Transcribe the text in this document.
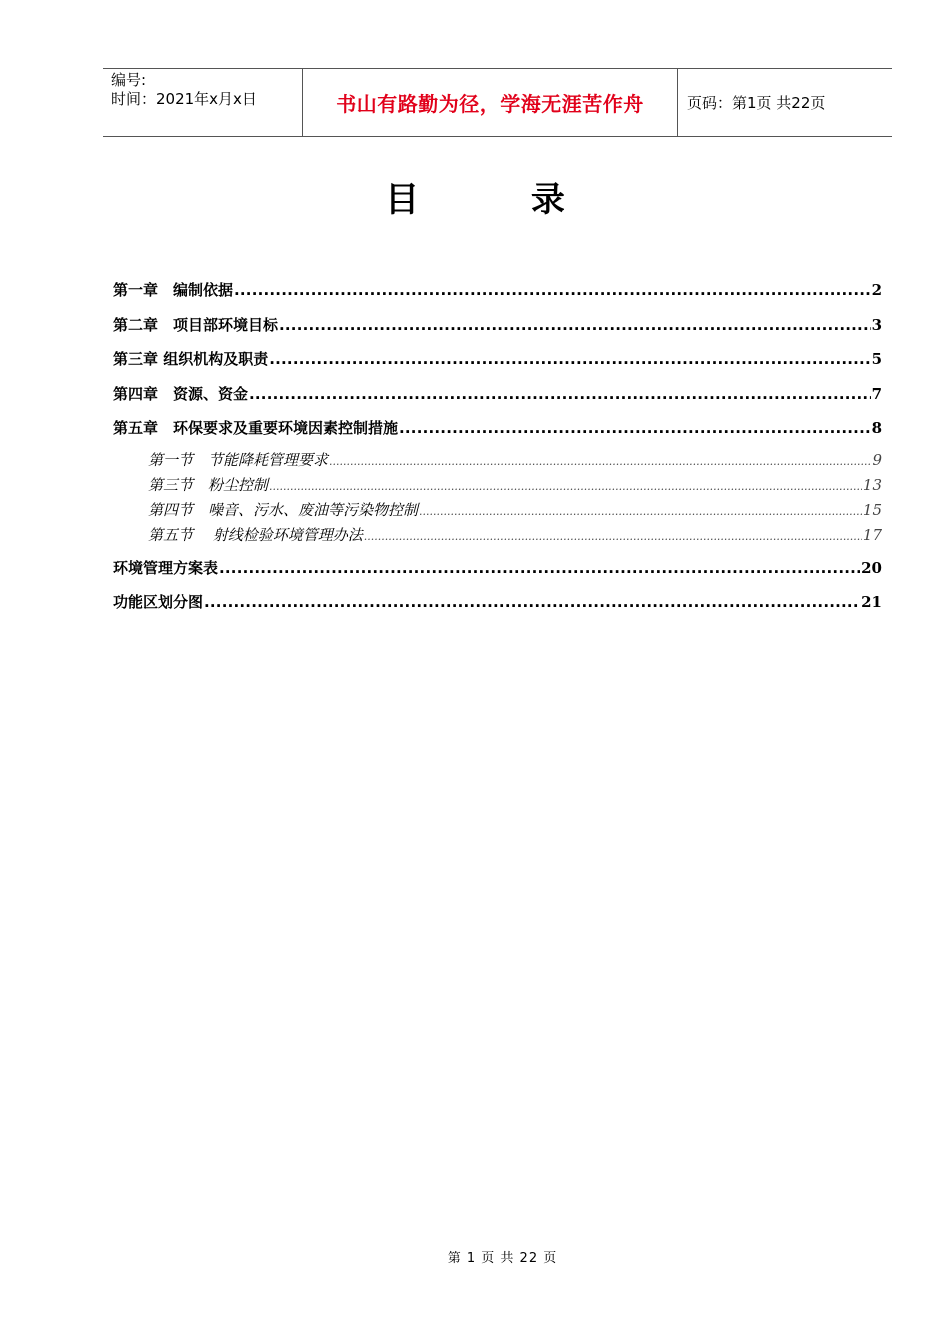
编号:
时间：2021年x月x日	书山有路勤为径，学海无涯苦作舟	页码：第1页 共22页
目 录
第一章　编制依据 .....	2
第二章　项目部环境目标 .....	3
第三章 组织机构及职责 .....	5
第四章　资源、资金 .....	7
第五章　环保要求及重要环境因素控制措施 .....	8
第一节　节能降耗管理要求 .....	9
第三节　粉尘控制 .....	13
第四节　噪音、污水、废油等污染物控制 .....	15
第五节　 射线检验环境管理办法 .....	17
环境管理方案表 .....	20
功能区划分图 .....	21
第 1 页 共 22 页
